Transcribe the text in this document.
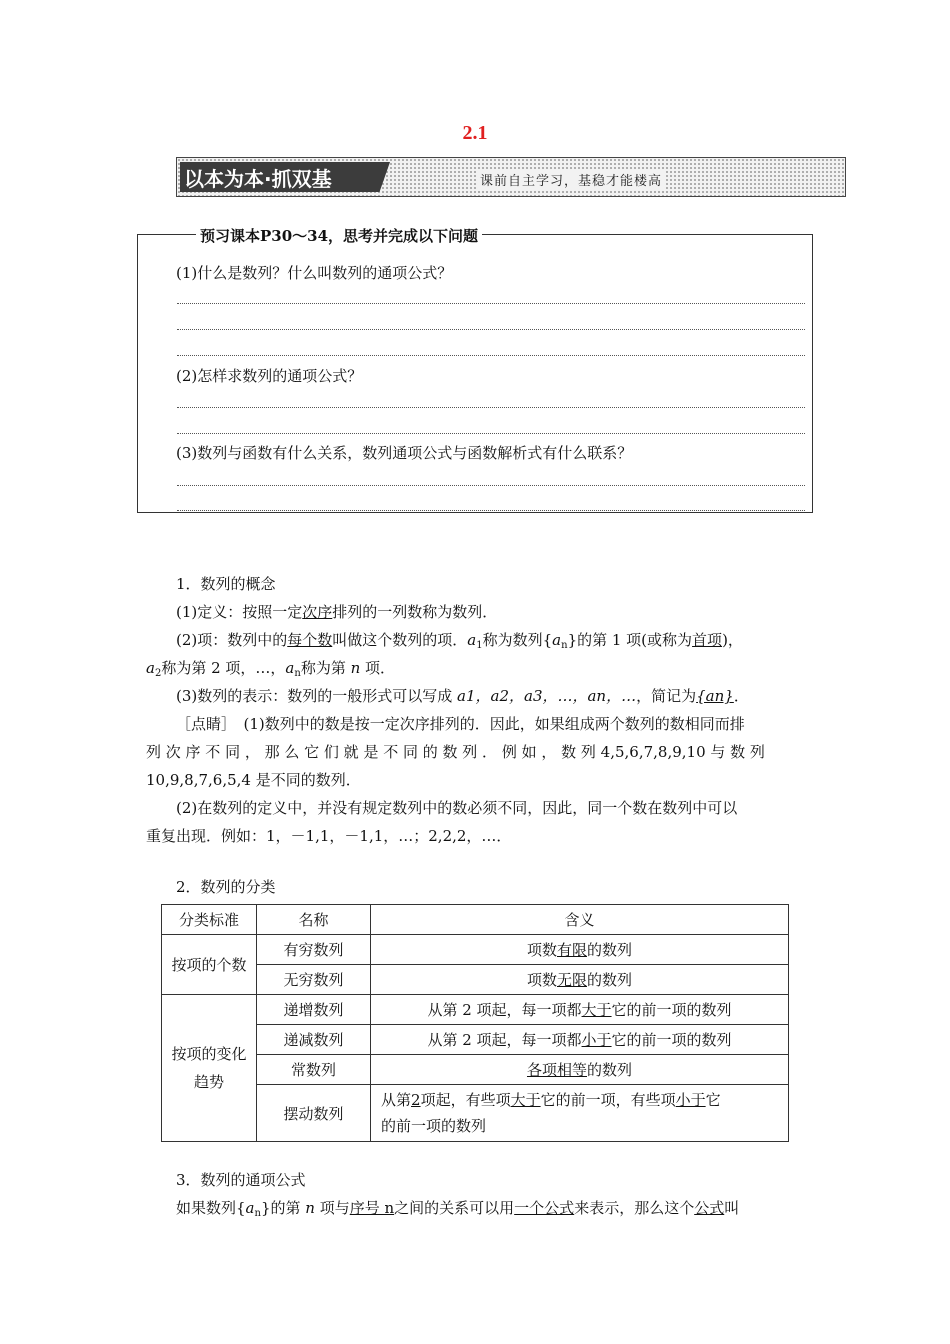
2.1
以本为本·抓双基	课前自主学习，基稳才能楼高
预习课本P30～34，思考并完成以下问题
(1)什么是数列？什么叫数列的通项公式？
(2)怎样求数列的通项公式？
(3)数列与函数有什么关系，数列通项公式与函数解析式有什么联系？
1．数列的概念
(1)定义：按照一定次序排列的一列数称为数列．
(2)项：数列中的每个数叫做这个数列的项．$a_1$称为数列$\{a_n\}$的第 1 项(或称为首项)，
$a_2$称为第 2 项，…，$a_n$称为第 n 项．
(3)数列的表示：数列的一般形式可以写成 a1，a2，a3，…，an，…，简记为{an}．
［点睛］　(1)数列中的数是按一定次序排列的．因此，如果组成两个数列的数相同而排
列 次 序 不 同 ， 那 么 它 们 就 是 不 同 的 数 列 ． 例 如 ， 数 列 4,5,6,7,8,9,10 与 数 列
10,9,8,7,6,5,4 是不同的数列．
(2)在数列的定义中，并没有规定数列中的数必须不同，因此，同一个数在数列中可以
重复出现．例如：1，－1,1，－1,1，…；2,2,2，…．
2．数列的分类
分类标准	名称	含义
按项的个数	有穷数列	项数有限的数列
	无穷数列	项数无限的数列
按项的变化趋势	递增数列	从第 2 项起，每一项都大于它的前一项的数列
	递减数列	从第 2 项起，每一项都小于它的前一项的数列
	常数列	各项相等的数列
	摆动数列	从第2项起，有些项大于它的前一项，有些项小于它
的前一项的数列
3．数列的通项公式
如果数列$\{a_n\}$的第 n 项与序号 n之间的关系可以用一个公式来表示，那么这个公式叫
